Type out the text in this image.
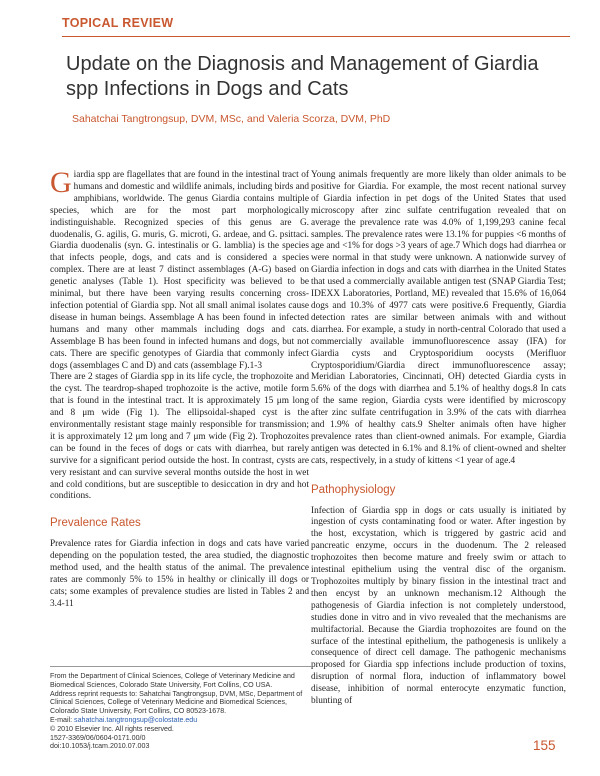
TOPICAL REVIEW
Update on the Diagnosis and Management of Giardia spp Infections in Dogs and Cats
Sahatchai Tangtrongsup, DVM, MSc, and Valeria Scorza, DVM, PhD

Giardia spp are flagellates that are found in the intestinal tract of humans and domestic and wildlife animals, including birds and amphibians, worldwide. The genus Giardia contains multiple species, which are for the most part morphologically indistinguishable. Recognized species of this genus are G. duodenalis, G. agilis, G. muris, G. microti, G. ardeae, and G. psittaci. Giardia duodenalis (syn. G. intestinalis or G. lamblia) is the species that infects people, dogs, and cats and is considered a species complex. There are at least 7 distinct assemblages (A-G) based on genetic analyses (Table 1). Host specificity was believed to be minimal, but there have been varying results concerning cross-infection potential of Giardia spp. Not all small animal isolates cause disease in human beings. Assemblage A has been found in infected humans and many other mammals including dogs and cats. Assemblage B has been found in infected humans and dogs, but not cats. There are specific genotypes of Giardia that commonly infect dogs (assemblages C and D) and cats (assemblage F).1-3

There are 2 stages of Giardia spp in its life cycle, the trophozoite and the cyst. The teardrop-shaped trophozoite is the active, motile form that is found in the intestinal tract. It is approximately 15 μm long and 8 μm wide (Fig 1). The ellipsoidal-shaped cyst is the environmentally resistant stage mainly responsible for transmission; it is approximately 12 μm long and 7 μm wide (Fig 2). Trophozoites can be found in the feces of dogs or cats with diarrhea, but rarely survive for a significant period outside the host. In contrast, cysts are very resistant and can survive several months outside the host in wet and cold conditions, but are susceptible to desiccation in dry and hot conditions.

Prevalence Rates

Prevalence rates for Giardia infection in dogs and cats have varied depending on the population tested, the area studied, the diagnostic method used, and the health status of the animal. The prevalence rates are commonly 5% to 15% in healthy or clinically ill dogs or cats; some examples of prevalence studies are listed in Tables 2 and 3.4-11

Young animals frequently are more likely than older animals to be positive for Giardia. For example, the most recent national survey of Giardia infection in pet dogs of the United States that used microscopy after zinc sulfate centrifugation revealed that on average the prevalence rate was 4.0% of 1,199,293 canine fecal samples. The prevalence rates were 13.1% for puppies <6 months of age and <1% for dogs >3 years of age.7 Which dogs had diarrhea or were normal in that study were unknown. A nationwide survey of Giardia infection in dogs and cats with diarrhea in the United States that used a commercially available antigen test (SNAP Giardia Test; IDEXX Laboratories, Portland, ME) revealed that 15.6% of 16,064 dogs and 10.3% of 4977 cats were positive.6 Frequently, Giardia detection rates are similar between animals with and without diarrhea. For example, a study in north-central Colorado that used a commercially available immunofluorescence assay (IFA) for Giardia cysts and Cryptosporidium oocysts (Merifluor Cryptosporidium/Giardia direct immunofluorescence assay; Meridian Laboratories, Cincinnati, OH) detected Giardia cysts in 5.6% of the dogs with diarrhea and 5.1% of healthy dogs.8 In cats of the same region, Giardia cysts were identified by microscopy after zinc sulfate centrifugation in 3.9% of the cats with diarrhea and 1.9% of healthy cats.9 Shelter animals often have higher prevalence rates than client-owned animals. For example, Giardia antigen was detected in 6.1% and 8.1% of client-owned and shelter cats, respectively, in a study of kittens <1 year of age.4

Pathophysiology

Infection of Giardia spp in dogs or cats usually is initiated by ingestion of cysts contaminating food or water. After ingestion by the host, excystation, which is triggered by gastric acid and pancreatic enzyme, occurs in the duodenum. The 2 released trophozoites then become mature and freely swim or attach to intestinal epithelium using the ventral disc of the organism. Trophozoites multiply by binary fission in the intestinal tract and then encyst by an unknown mechanism.12 Although the pathogenesis of Giardia infection is not completely understood, studies done in vitro and in vivo revealed that the mechanisms are multifactorial. Because the Giardia trophozoites are found on the surface of the intestinal epithelium, the pathogenesis is unlikely a consequence of direct cell damage. The pathogenic mechanisms proposed for Giardia spp infections include production of toxins, disruption of normal flora, induction of inflammatory bowel disease, inhibition of normal enterocyte enzymatic function, blunting of

From the Department of Clinical Sciences, College of Veterinary Medicine and Biomedical Sciences, Colorado State University, Fort Collins, CO USA.
Address reprint requests to: Sahatchai Tangtrongsup, DVM, MSc, Department of Clinical Sciences, College of Veterinary Medicine and Biomedical Sciences, Colorado State University, Fort Collins, CO 80523-1678.
E-mail: sahatchai.tangtrongsup@colostate.edu
© 2010 Elsevier Inc. All rights reserved.
1527-3369/06/0604-0171.00/0
doi:10.1053/j.tcam.2010.07.003	155
